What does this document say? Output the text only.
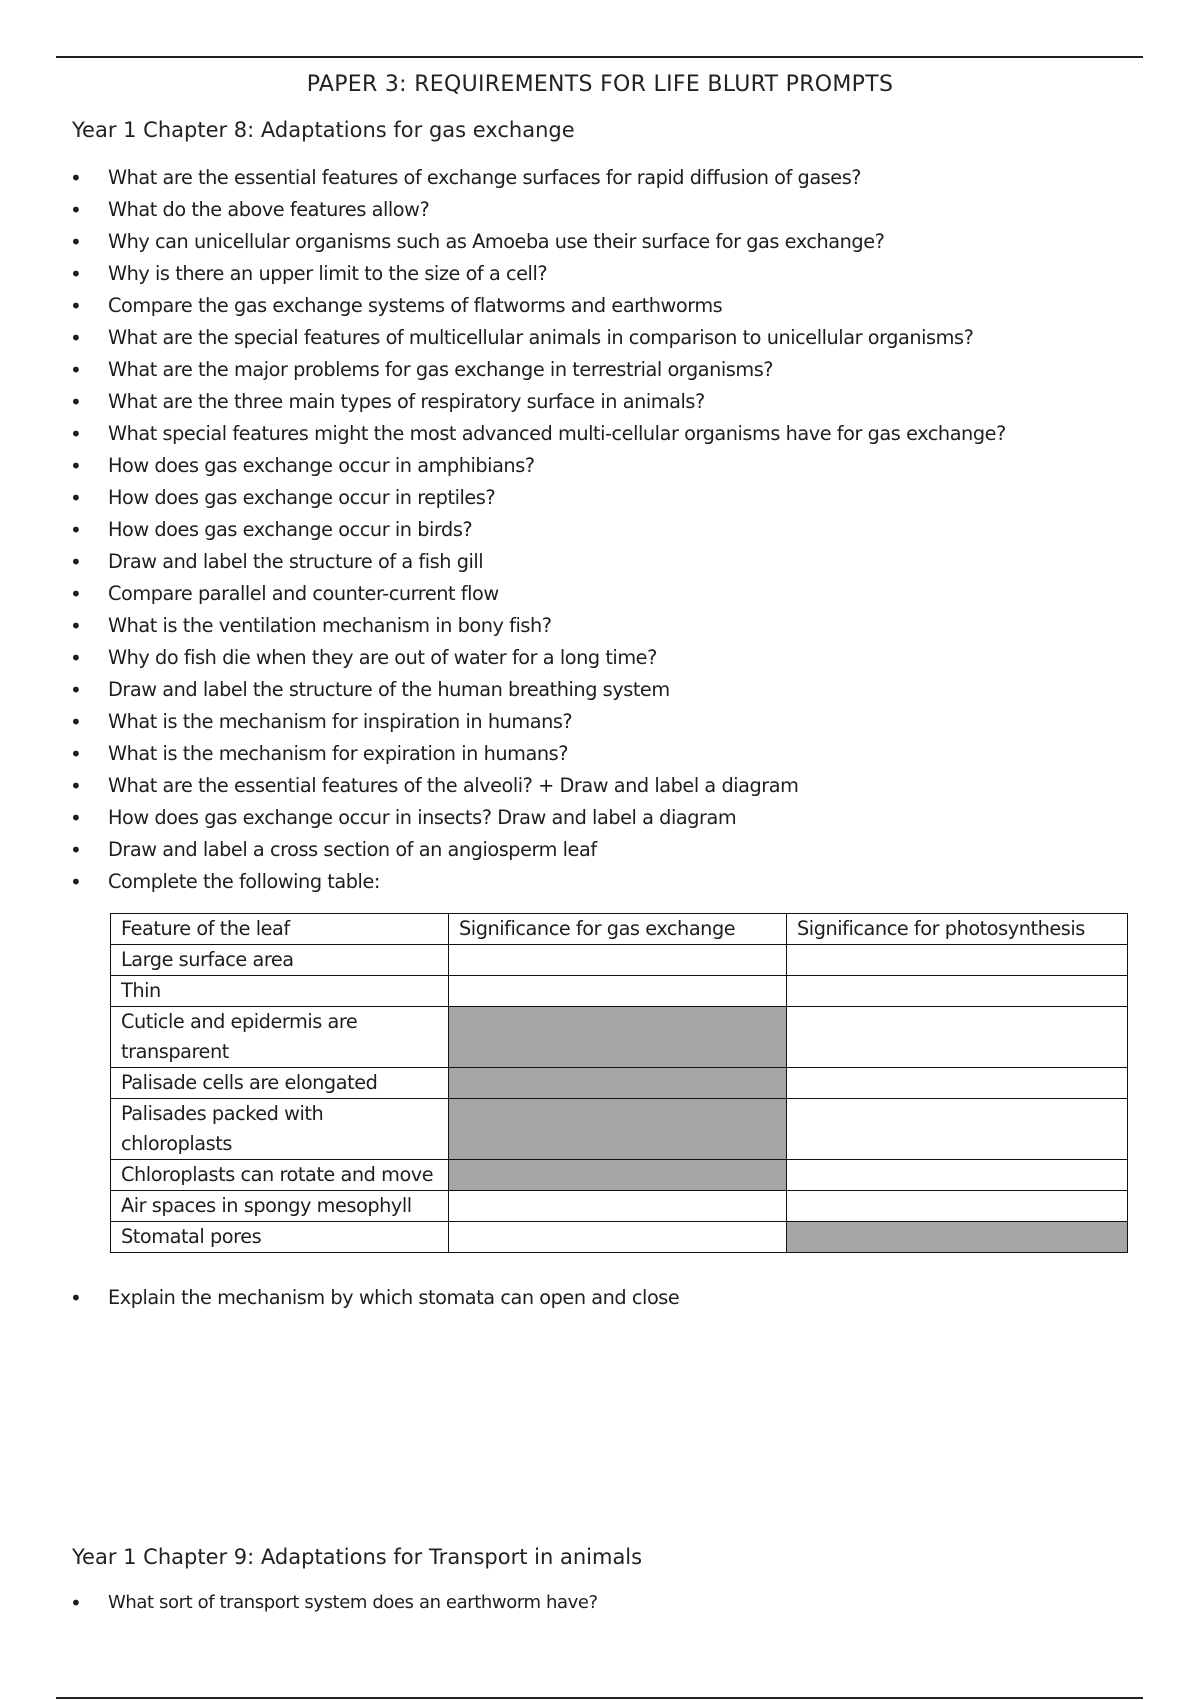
PAPER 3: REQUIREMENTS FOR LIFE BLURT PROMPTS
Year 1 Chapter 8: Adaptations for gas exchange
• What are the essential features of exchange surfaces for rapid diffusion of gases?
• What do the above features allow?
• Why can unicellular organisms such as Amoeba use their surface for gas exchange?
• Why is there an upper limit to the size of a cell?
• Compare the gas exchange systems of flatworms and earthworms
• What are the special features of multicellular animals in comparison to unicellular organisms?
• What are the major problems for gas exchange in terrestrial organisms?
• What are the three main types of respiratory surface in animals?
• What special features might the most advanced multi-cellular organisms have for gas exchange?
• How does gas exchange occur in amphibians?
• How does gas exchange occur in reptiles?
• How does gas exchange occur in birds?
• Draw and label the structure of a fish gill
• Compare parallel and counter-current flow
• What is the ventilation mechanism in bony fish?
• Why do fish die when they are out of water for a long time?
• Draw and label the structure of the human breathing system
• What is the mechanism for inspiration in humans?
• What is the mechanism for expiration in humans?
• What are the essential features of the alveoli? + Draw and label a diagram
• How does gas exchange occur in insects? Draw and label a diagram
• Draw and label a cross section of an angiosperm leaf
• Complete the following table:
Feature of the leaf	Significance for gas exchange	Significance for photosynthesis
Large surface area		
Thin		
Cuticle and epidermis are transparent		
Palisade cells are elongated		
Palisades packed with chloroplasts		
Chloroplasts can rotate and move		
Air spaces in spongy mesophyll		
Stomatal pores		
• Explain the mechanism by which stomata can open and close
Year 1 Chapter 9: Adaptations for Transport in animals
• What sort of transport system does an earthworm have?
